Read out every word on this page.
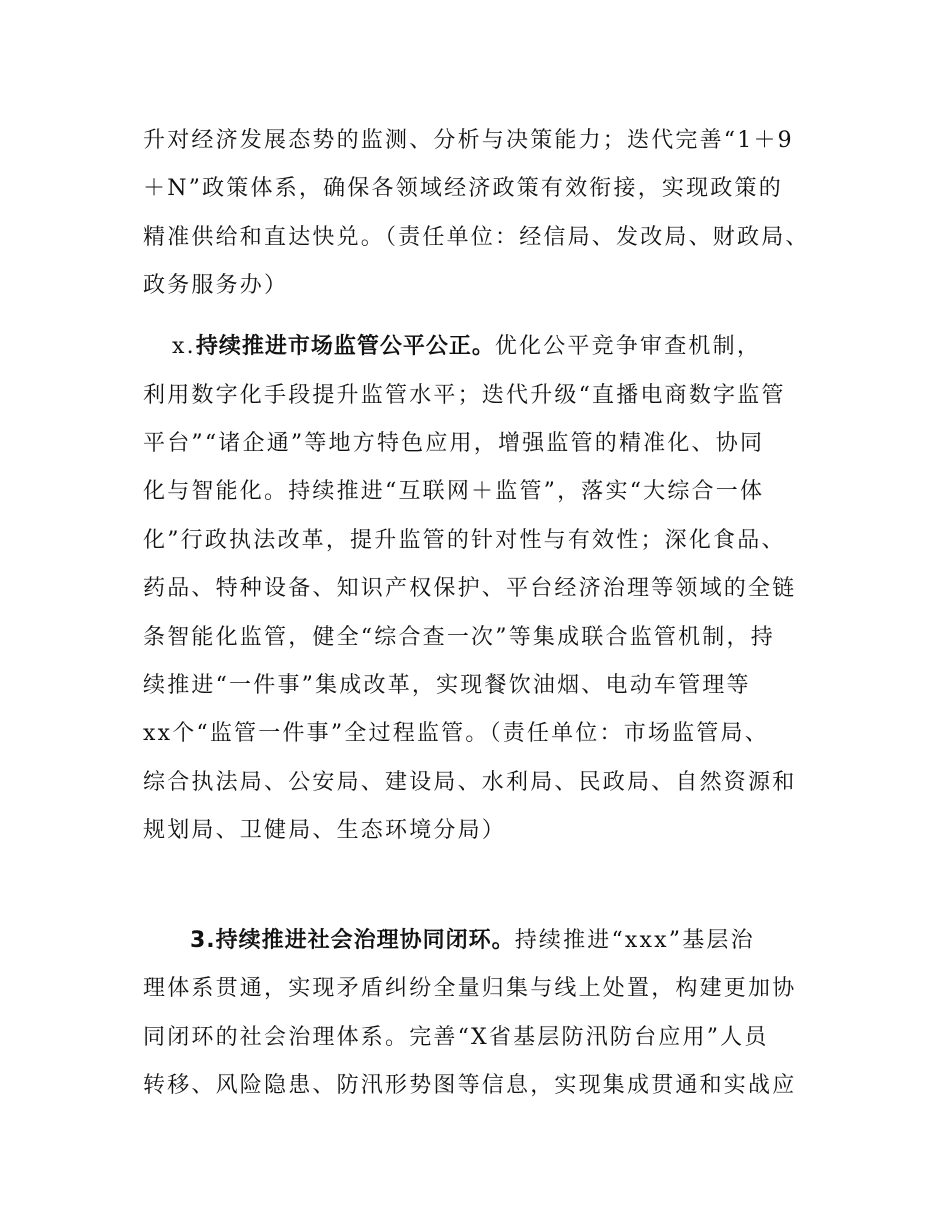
升对经济发展态势的监测、分析与决策能力；迭代完善“1＋9
＋N”政策体系，确保各领域经济政策有效衔接，实现政策的
精准供给和直达快兑。（责任单位：经信局、发改局、财政局、
政务服务办）
x.持续推进市场监管公平公正。优化公平竞争审查机制，
利用数字化手段提升监管水平；迭代升级“直播电商数字监管
平台”“诸企通”等地方特色应用，增强监管的精准化、协同
化与智能化。持续推进“互联网＋监管”，落实“大综合一体
化”行政执法改革，提升监管的针对性与有效性；深化食品、
药品、特种设备、知识产权保护、平台经济治理等领域的全链
条智能化监管，健全“综合查一次”等集成联合监管机制，持
续推进“一件事”集成改革，实现餐饮油烟、电动车管理等
xx个“监管一件事”全过程监管。（责任单位：市场监管局、
综合执法局、公安局、建设局、水利局、民政局、自然资源和
规划局、卫健局、生态环境分局）
3.持续推进社会治理协同闭环。持续推进“xxx”基层治
理体系贯通，实现矛盾纠纷全量归集与线上处置，构建更加协
同闭环的社会治理体系。完善“X省基层防汛防台应用”人员
转移、风险隐患、防汛形势图等信息，实现集成贯通和实战应
